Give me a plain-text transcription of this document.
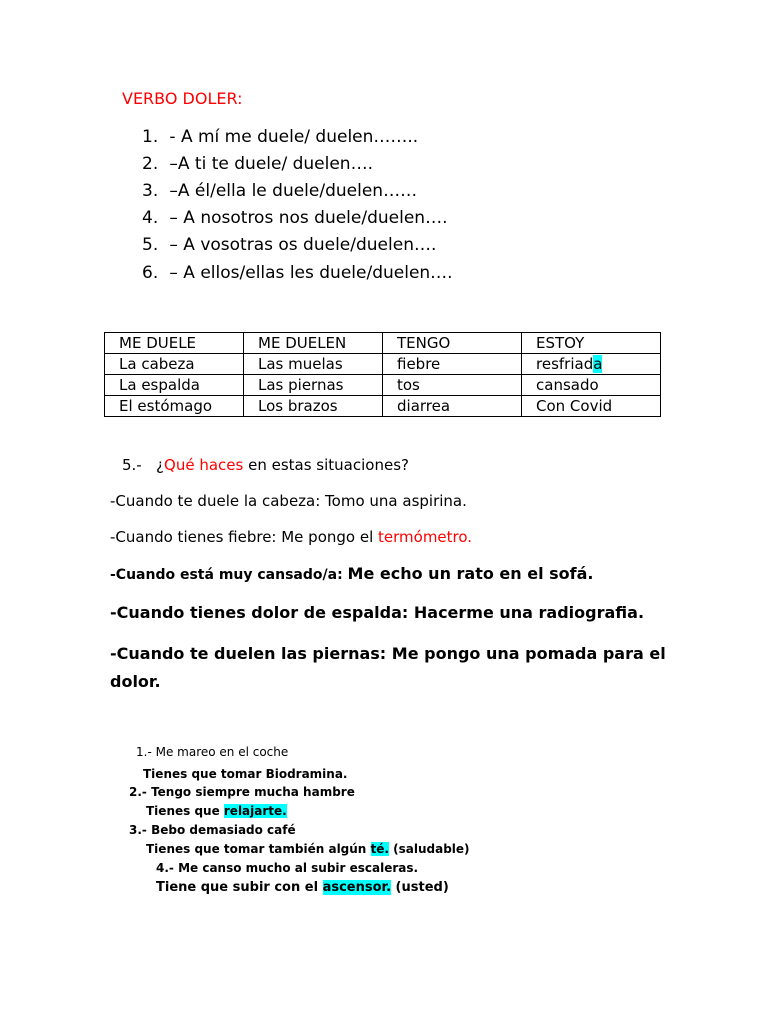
VERBO DOLER:
1. - A mí me duele/ duelen……..
2. –A ti te duele/ duelen….
3. –A él/ella le duele/duelen……
4. – A nosotros nos duele/duelen….
5. – A vosotras os duele/duelen….
6. – A ellos/ellas les duele/duelen….
ME DUELE	ME DUELEN	TENGO	ESTOY
La cabeza	Las muelas	fiebre	resfriada
La espalda	Las piernas	tos	cansado
El estómago	Los brazos	diarrea	Con Covid
5.- ¿Qué haces en estas situaciones?
-Cuando te duele la cabeza: Tomo una aspirina.
-Cuando tienes fiebre: Me pongo el termómetro.
-Cuando está muy cansado/a: Me echo un rato en el sofá.
-Cuando tienes dolor de espalda: Hacerme una radiografia.
-Cuando te duelen las piernas: Me pongo una pomada para el
dolor.
1.- Me mareo en el coche
Tienes que tomar Biodramina.
2.- Tengo siempre mucha hambre
Tienes que relajarte.
3.- Bebo demasiado café
Tienes que tomar también algún té. (saludable)
4.- Me canso mucho al subir escaleras.
Tiene que subir con el ascensor. (usted)
